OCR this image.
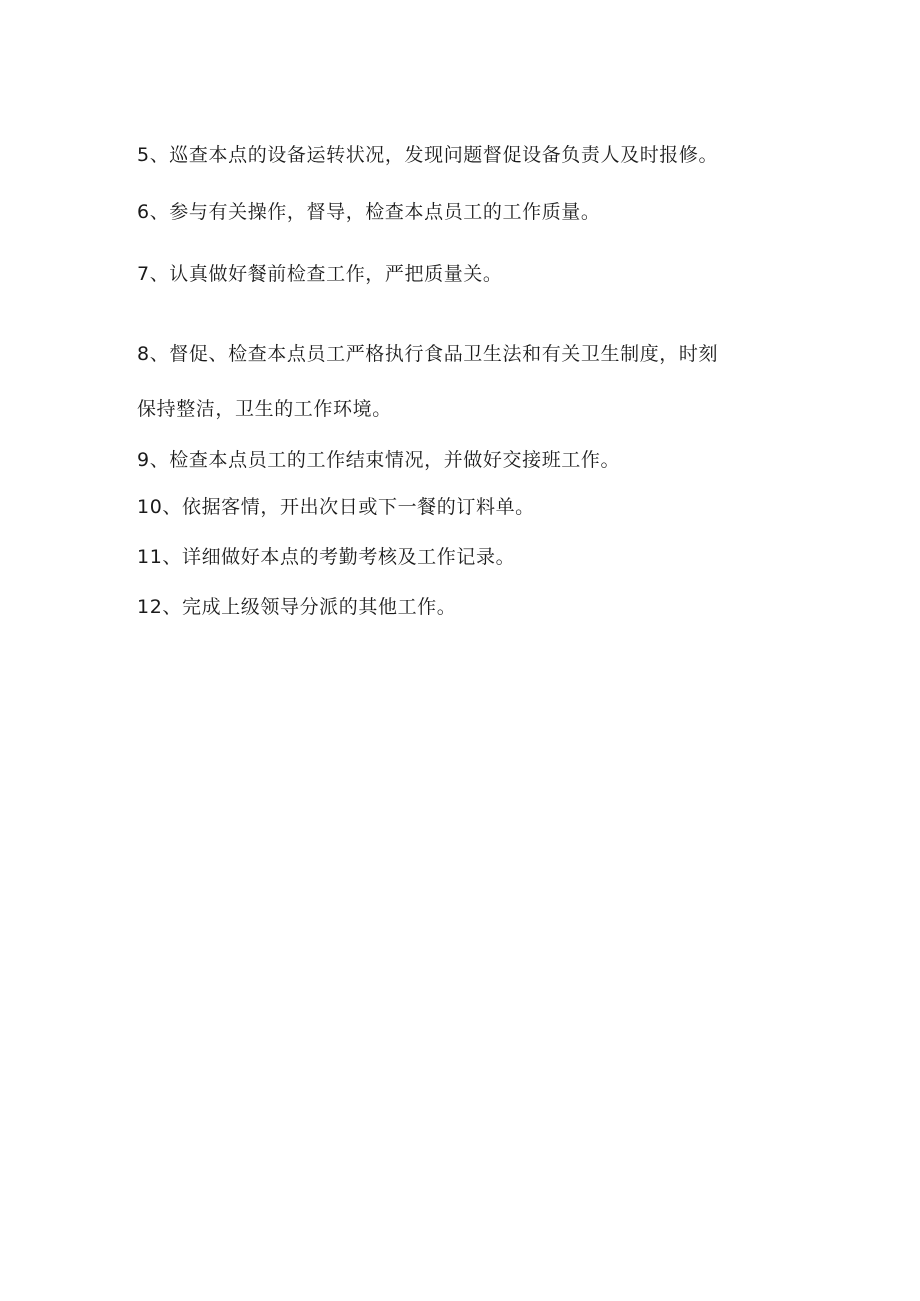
5、巡查本点的设备运转状况，发现问题督促设备负责人及时报修。
6、参与有关操作，督导，检查本点员工的工作质量。
7、认真做好餐前检查工作，严把质量关。
8、督促、检查本点员工严格执行食品卫生法和有关卫生制度，时刻
保持整洁，卫生的工作环境。
9、检查本点员工的工作结束情况，并做好交接班工作。
10、依据客情，开出次日或下一餐的订料单。
11、详细做好本点的考勤考核及工作记录。
12、完成上级领导分派的其他工作。
